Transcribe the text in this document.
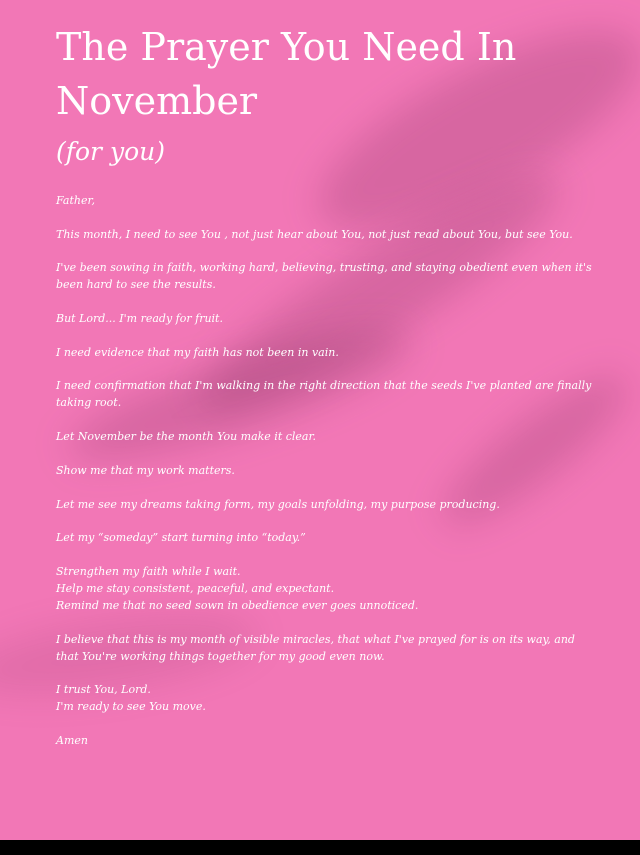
The Prayer You Need In November
(for you)

Father,

This month, I need to see You , not just hear about You, not just read about You, but see You.

I've been sowing in faith, working hard, believing, trusting, and staying obedient even when it's been hard to see the results.

But Lord... I'm ready for fruit.

I need evidence that my faith has not been in vain.

I need confirmation that I'm walking in the right direction that the seeds I've planted are finally taking root.

Let November be the month You make it clear.

Show me that my work matters.

Let me see my dreams taking form, my goals unfolding, my purpose producing.

Let my “someday” start turning into “today.”

Strengthen my faith while I wait.
Help me stay consistent, peaceful, and expectant.
Remind me that no seed sown in obedience ever goes unnoticed.

I believe that this is my month of visible miracles, that what I've prayed for is on its way, and that You're working things together for my good even now.

I trust You, Lord.
I'm ready to see You move.

Amen
